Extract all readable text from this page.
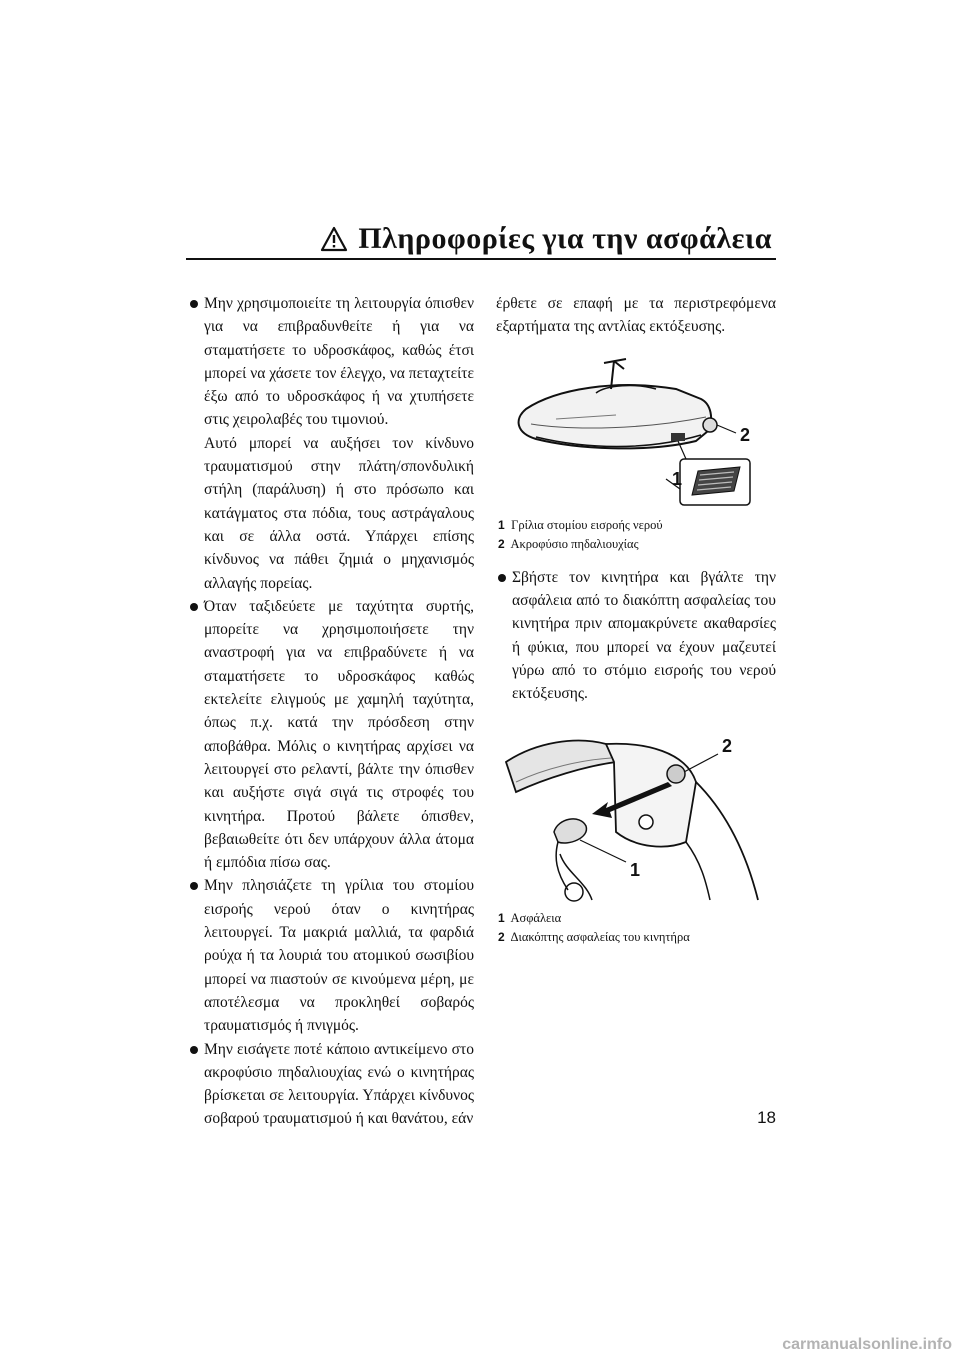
Πληροφορίες για την ασφάλεια
Μην χρησιμοποιείτε τη λειτουργία όπισθεν για να επιβραδυνθείτε ή για να σταματήσετε το υδροσκάφος, καθώς έτσι μπορεί να χάσετε τον έλεγχο, να πεταχτείτε έξω από το υδροσκάφος ή να χτυπήσετε στις χειρολαβές του τιμονιού.
Αυτό μπορεί να αυξήσει τον κίνδυνο τραυματισμού στην πλάτη/σπονδυλική στήλη (παράλυση) ή στο πρόσωπο και κατάγματος στα πόδια, τους αστράγαλους και σε άλλα οστά. Υπάρχει επίσης κίνδυνος να πάθει ζημιά ο μηχανισμός αλλαγής πορείας.
Όταν ταξιδεύετε με ταχύτητα συρτής, μπορείτε να χρησιμοποιήσετε την αναστροφή για να επιβραδύνετε ή να σταματήσετε το υδροσκάφος καθώς εκτελείτε ελιγμούς με χαμηλή ταχύτητα, όπως π.χ. κατά την πρόσδεση στην αποβάθρα. Μόλις ο κινητήρας αρχίσει να λειτουργεί στο ρελαντί, βάλτε την όπισθεν και αυξήστε σιγά σιγά τις στροφές του κινητήρα. Προτού βάλετε όπισθεν, βεβαιωθείτε ότι δεν υπάρχουν άλλα άτομα ή εμπόδια πίσω σας.
Μην πλησιάζετε τη γρίλια του στομίου εισροής νερού όταν ο κινητήρας λειτουργεί. Τα μακριά μαλλιά, τα φαρδιά ρούχα ή τα λουριά του ατομικού σωσιβίου μπορεί να πιαστούν σε κινούμενα μέρη, με αποτέλεσμα να προκληθεί σοβαρός τραυματισμός ή πνιγμός.
Μην εισάγετε ποτέ κάποιο αντικείμενο στο ακροφύσιο πηδαλιουχίας ενώ ο κινητήρας βρίσκεται σε λειτουργία. Υπάρχει κίνδυνος σοβαρού τραυματισμού ή και θανάτου, εάν
έρθετε σε επαφή με τα περιστρεφόμενα εξαρτήματα της αντλίας εκτόξευσης.
2
1
1 Γρίλια στομίου εισροής νερού
2 Ακροφύσιο πηδαλιουχίας
Σβήστε τον κινητήρα και βγάλτε την ασφάλεια από το διακόπτη ασφαλείας του κινητήρα πριν απομακρύνετε ακαθαρσίες ή φύκια, που μπορεί να έχουν μαζευτεί γύρω από το στόμιο εισροής του νερού εκτόξευσης.
2
1
1 Ασφάλεια
2 Διακόπτης ασφαλείας του κινητήρα
18
carmanualsonline.info
